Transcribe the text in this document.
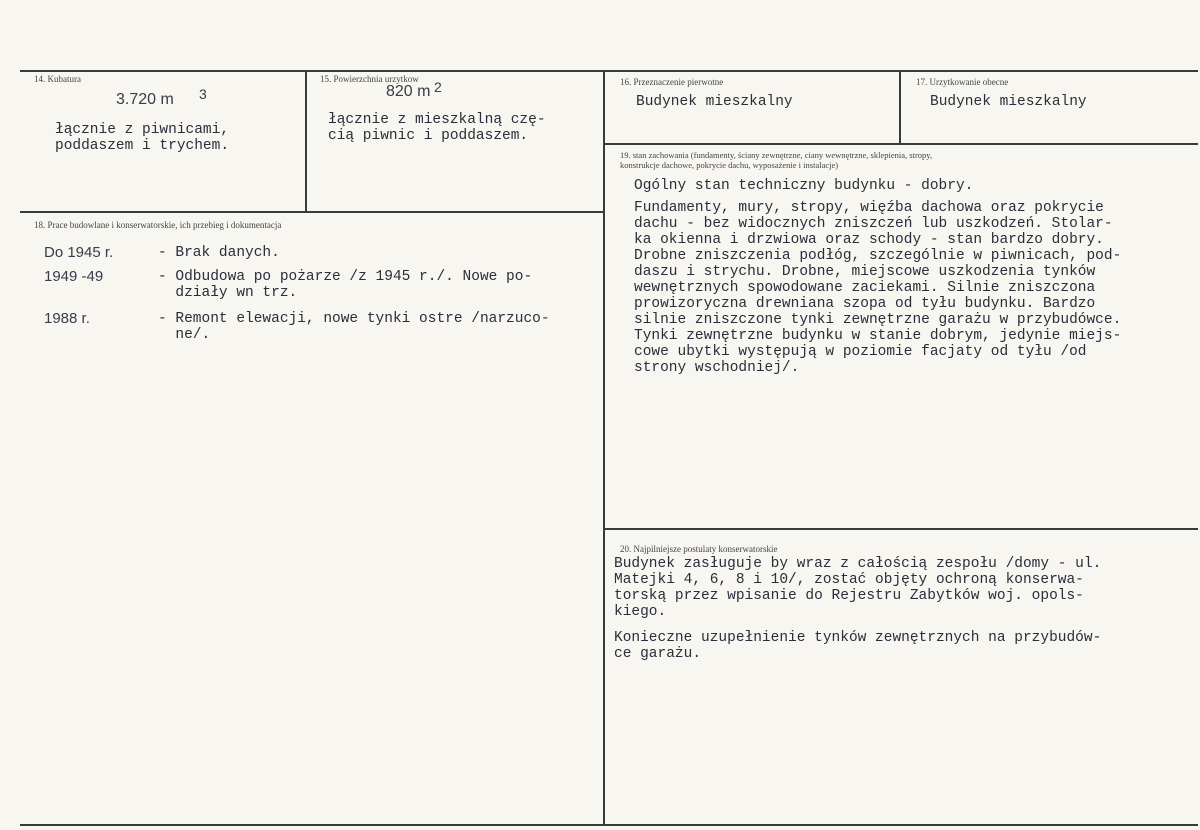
14. Kubatura
3.720 m 3
łącznie z piwnicami,
poddaszem i trychem.
15. Powierzchnia urzytkow
820 m 2
łącznie z mieszkalną czę-
cią piwnic i poddaszem.
16. Przeznaczenie pierwotne
Budynek mieszkalny
17. Urzytkowanie obecne
Budynek mieszkalny
18. Prace budowlane i konserwatorskie, ich przebieg i dokumentacja
Do 1945 r.	- Brak danych.
1949 -49	- Odbudowa po pożarze /z 1945 r./. Nowe po-
działy wn trz.
1988 r.	- Remont elewacji, nowe tynki ostre /narzuco-
ne/.
19. stan zachowania (fundamenty, ściany zewnętrzne, ciany wewnętrzne, sklepienia, stropy,
konstrukcje dachowe, pokrycie dachu, wyposażenie i instalacje)
Ogólny stan technicznу budynku - dobry.
Fundamenty, mury, stropy, więźba dachowa oraz pokrycie
dachu - bez widocznych zniszczeń lub uszkodzeń. Stolar-
ka okienna i drzwiowa oraz schody - stan bardzo dobry.
Drobne zniszczenia podłóg, szczególnie w piwnicach, pod-
daszu i strychu. Drobne, miejscowe uszkodzenia tynków
wewnętrznych spowodowane zaciekami. Silnie zniszczona
prowizoryczna drewniana szopa od tyłu budynku. Bardzo
silnie zniszczone tynki zewnętrzne garażu w przybudówce.
Tynki zewnętrzne budynku w stanie dobrym, jedynie miejs-
cowe ubytki występują w poziomie facjaty od tyłu /od
strony wschodniej/.
20. Najpilniejsze postulaty konserwatorskie
Budynek zasługuje by wraz z całością zespołu /domy - ul.
Matejki 4, 6, 8 i 10/, zostać objęty ochroną konserwa-
torską przez wpisanie do Rejestru Zabytków woj. opols-
kiego.
Konieczne uzupełnienie tynków zewnętrznych na przybudów-
ce garażu.
